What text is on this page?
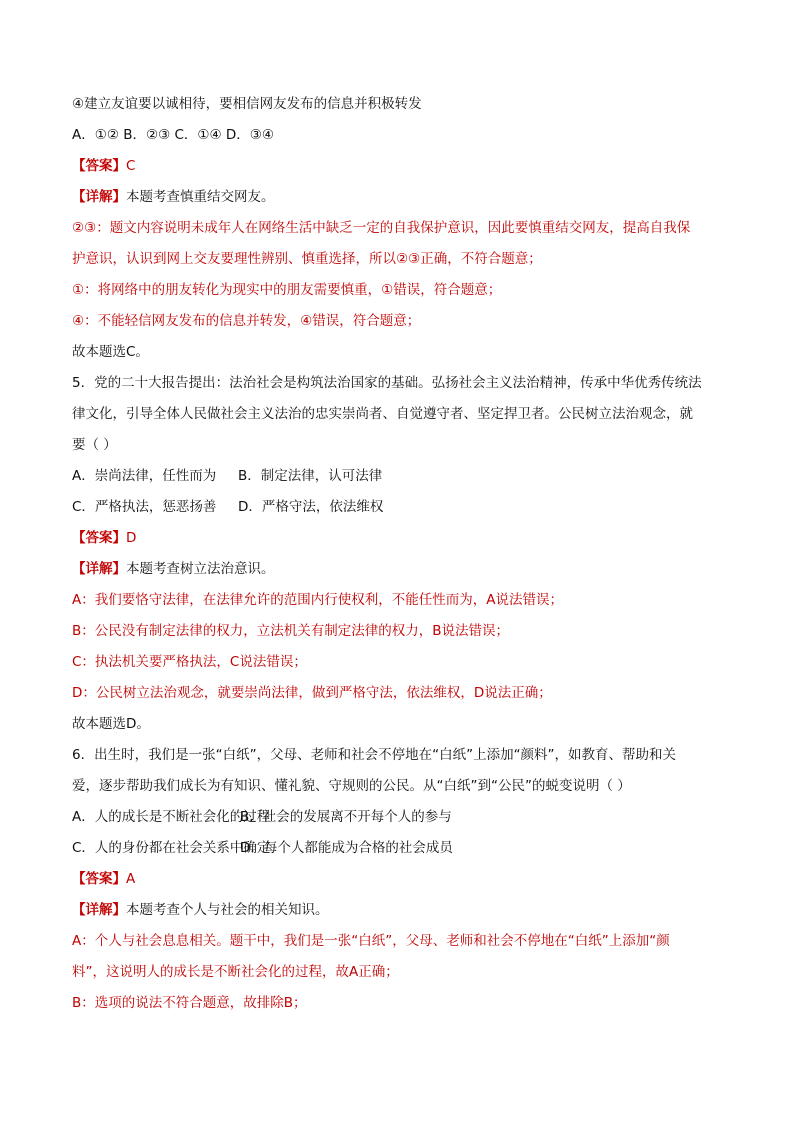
④建立友谊要以诚相待，要相信网友发布的信息并积极转发
A．①② B．②③ C．①④ D．③④
【答案】C
【详解】本题考查慎重结交网友。
②③：题文内容说明未成年人在网络生活中缺乏一定的自我保护意识，因此要慎重结交网友，提高自我保
护意识，认识到网上交友要理性辨别、慎重选择，所以②③正确，不符合题意；
①：将网络中的朋友转化为现实中的朋友需要慎重，①错误，符合题意；
④：不能轻信网友发布的信息并转发，④错误，符合题意；
故本题选C。
5．党的二十大报告提出：法治社会是构筑法治国家的基础。弘扬社会主义法治精神，传承中华优秀传统法
律文化，引导全体人民做社会主义法治的忠实崇尚者、自觉遵守者、坚定捍卫者。公民树立法治观念，就
要（ ）
A．崇尚法律，任性而为 B．制定法律，认可法律
C．严格执法，惩恶扬善 D．严格守法，依法维权
【答案】D
【详解】本题考查树立法治意识。
A：我们要恪守法律，在法律允许的范围内行使权利，不能任性而为，A说法错误；
B：公民没有制定法律的权力，立法机关有制定法律的权力，B说法错误；
C：执法机关要严格执法，C说法错误；
D：公民树立法治观念，就要崇尚法律，做到严格守法，依法维权，D说法正确；
故本题选D。
6．出生时，我们是一张“白纸”，父母、老师和社会不停地在“白纸”上添加“颜料”，如教育、帮助和关
爱，逐步帮助我们成长为有知识、懂礼貌、守规则的公民。从“白纸”到“公民”的蜕变说明（ ）
A．人的成长是不断社会化的过程B．社会的发展离不开每个人的参与
C．人的身份都在社会关系中确定D．每个人都能成为合格的社会成员
【答案】A
【详解】本题考查个人与社会的相关知识。
A：个人与社会息息相关。题干中，我们是一张“白纸”，父母、老师和社会不停地在“白纸”上添加“颜
料”，这说明人的成长是不断社会化的过程，故A正确；
B：选项的说法不符合题意，故排除B；
